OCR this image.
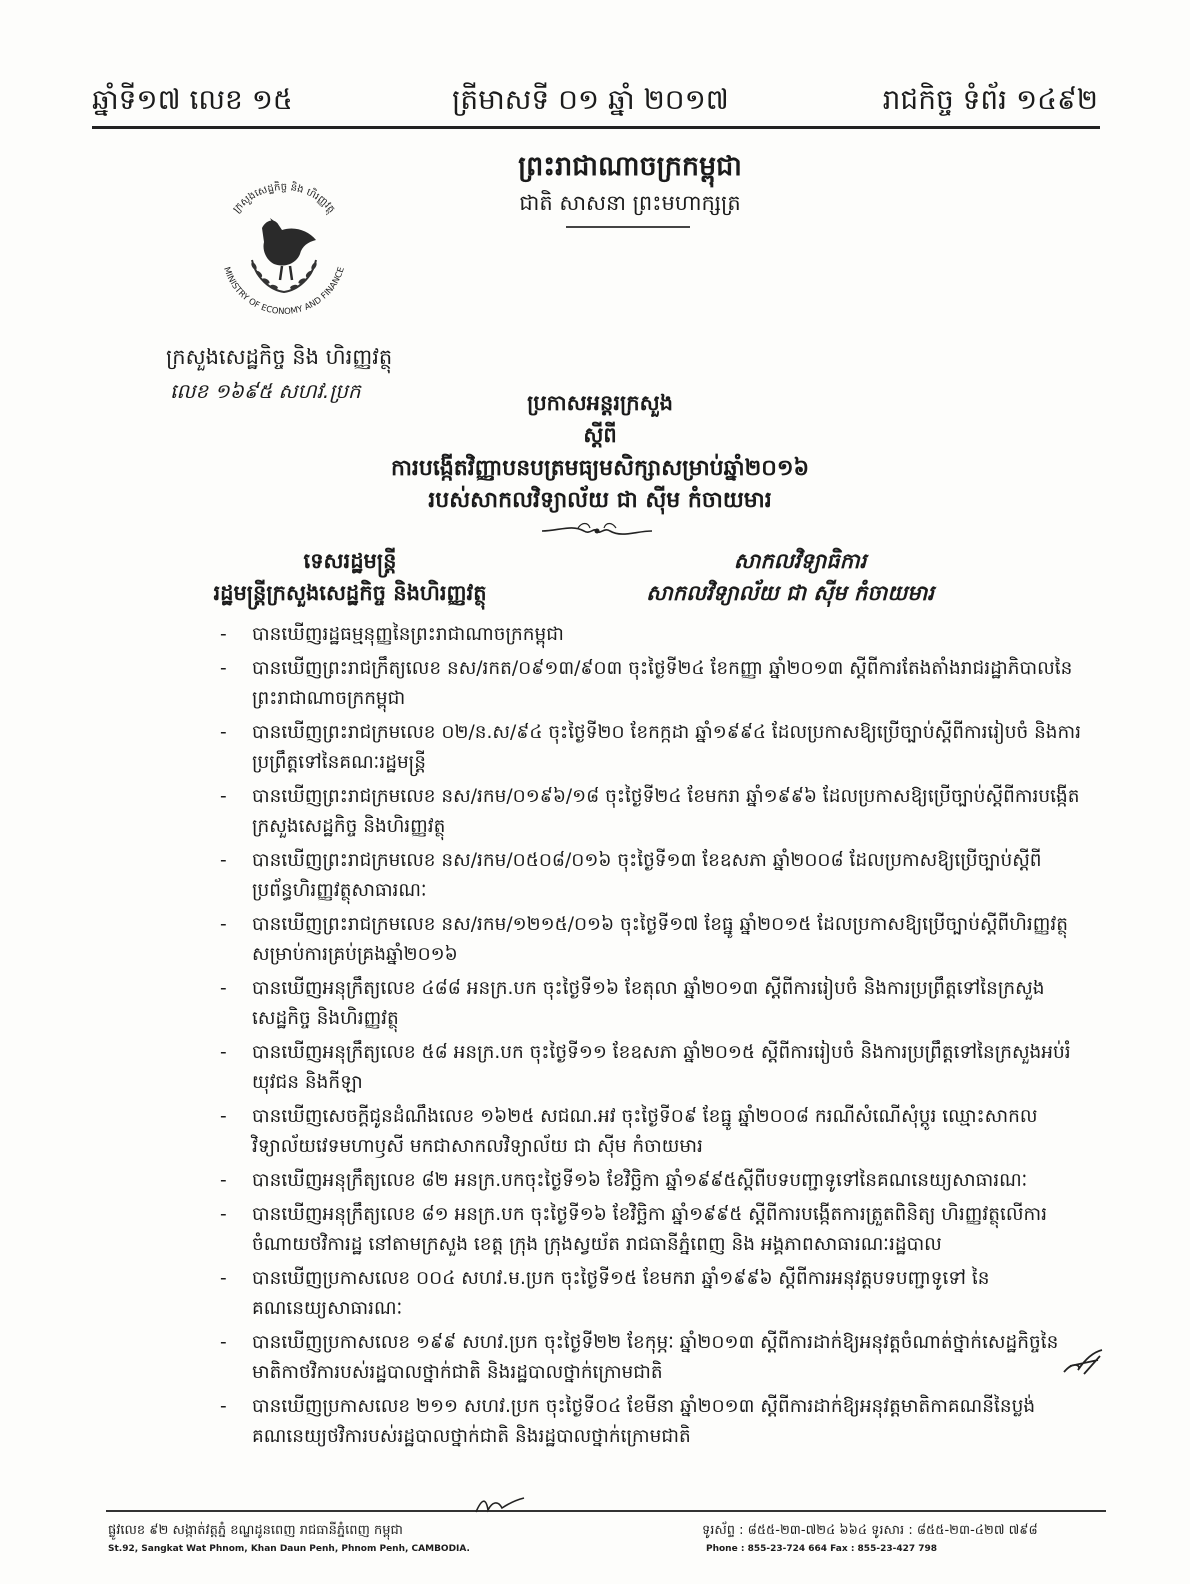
ឆ្នាំទី១៧ លេខ ១៥	ត្រីមាសទី ០១ ឆ្នាំ ២០១៧	រាជកិច្ច ទំព័រ ១៤៩២
ព្រះរាជាណាចក្រកម្ពុជា
ជាតិ សាសនា ព្រះមហាក្សត្រ
ក្រសួងសេដ្ឋកិច្ច និង ហិរញ្ញវត្ថុ
MINISTRY OF ECONOMY AND FINANCE
ក្រសួងសេដ្ឋកិច្ច និង ហិរញ្ញវត្ថុ
លេខ ១៦៩៥ សហវ.ប្រក	ប្រកាសអន្តរក្រសួង
ស្តីពី
ការបង្កើតវិញ្ញាបនបត្រមធ្យមសិក្សាសម្រាប់ឆ្នាំ២០១៦
របស់សាកលវិទ្យាល័យ ជា ស៊ីម កំចាយមារ
ទេសរដ្ឋមន្ត្រី
រដ្ឋមន្ត្រីក្រសួងសេដ្ឋកិច្ច និងហិរញ្ញវត្ថុ
សាកលវិទ្យាធិការ
សាកលវិទ្យាល័យ ជា ស៊ីម កំចាយមារ
- បានឃើញរដ្ឋធម្មនុញ្ញនៃព្រះរាជាណាចក្រកម្ពុជា
- បានឃើញព្រះរាជក្រឹត្យលេខ នស/រកត/០៩១៣/៩០៣ ចុះថ្ងៃទី២៤ ខែកញ្ញា ឆ្នាំ២០១៣ ស្តីពីការតែងតាំងរាជរដ្ឋាភិបាលនៃព្រះរាជាណាចក្រកម្ពុជា
- បានឃើញព្រះរាជក្រមលេខ ០២/ន.ស/៩៤ ចុះថ្ងៃទី២០ ខែកក្កដា ឆ្នាំ១៩៩៤ ដែលប្រកាសឱ្យប្រើច្បាប់ស្តីពីការរៀបចំ និងការប្រព្រឹត្តទៅនៃគណៈរដ្ឋមន្ត្រី
- បានឃើញព្រះរាជក្រមលេខ នស/រកម/០១៩៦/១៨ ចុះថ្ងៃទី២៤ ខែមករា ឆ្នាំ១៩៩៦ ដែលប្រកាសឱ្យប្រើច្បាប់ស្តីពីការបង្កើតក្រសួងសេដ្ឋកិច្ច និងហិរញ្ញវត្ថុ
- បានឃើញព្រះរាជក្រមលេខ នស/រកម/០៥០៨/០១៦ ចុះថ្ងៃទី១៣ ខែឧសភា ឆ្នាំ២០០៨ ដែលប្រកាសឱ្យប្រើច្បាប់ស្តីពីប្រព័ន្ធហិរញ្ញវត្ថុសាធារណៈ
- បានឃើញព្រះរាជក្រមលេខ នស/រកម/១២១៥/០១៦ ចុះថ្ងៃទី១៧ ខែធ្នូ ឆ្នាំ២០១៥ ដែលប្រកាសឱ្យប្រើច្បាប់ស្តីពីហិរញ្ញវត្ថុសម្រាប់ការគ្រប់គ្រងឆ្នាំ២០១៦
- បានឃើញអនុក្រឹត្យលេខ ៤៨៨ អនក្រ.បក ចុះថ្ងៃទី១៦ ខែតុលា ឆ្នាំ២០១៣ ស្តីពីការរៀបចំ និងការប្រព្រឹត្តទៅនៃក្រសួងសេដ្ឋកិច្ច និងហិរញ្ញវត្ថុ
- បានឃើញអនុក្រឹត្យលេខ ៥៨ អនក្រ.បក ចុះថ្ងៃទី១១ ខែឧសភា ឆ្នាំ២០១៥ ស្តីពីការរៀបចំ និងការប្រព្រឹត្តទៅនៃក្រសួងអប់រំ យុវជន និងកីឡា
- បានឃើញសេចក្តីជូនដំណឹងលេខ ១៦២៥ សជណ.អវ ចុះថ្ងៃទី០៩ ខែធ្នូ ឆ្នាំ២០០៨ ករណីសំណើសុំប្តូរ ឈ្មោះសាកលវិទ្យាល័យវេទមហាឫសី មកជាសាកលវិទ្យាល័យ ជា ស៊ីម កំចាយមារ
- បានឃើញអនុក្រឹត្យលេខ ៨២ អនក្រ.បកចុះថ្ងៃទី១៦ ខែវិច្ឆិកា ឆ្នាំ១៩៩៥ស្តីពីបទបញ្ជាទូទៅនៃគណនេយ្យសាធារណៈ
- បានឃើញអនុក្រឹត្យលេខ ៨១ អនក្រ.បក ចុះថ្ងៃទី១៦ ខែវិច្ឆិកា ឆ្នាំ១៩៩៥ ស្តីពីការបង្កើតការត្រួតពិនិត្យ ហិរញ្ញវត្ថុលើការចំណាយថវិការដ្ឋ នៅតាមក្រសួង ខេត្ត ក្រុង ក្រុងស្វយ័ត រាជធានីភ្នំពេញ និង អង្គភាពសាធារណៈរដ្ឋបាល
- បានឃើញប្រកាសលេខ ០០៤ សហវ.ម.ប្រក ចុះថ្ងៃទី១៥ ខែមករា ឆ្នាំ១៩៩៦ ស្តីពីការអនុវត្តបទបញ្ជាទូទៅ នៃគណនេយ្យសាធារណៈ
- បានឃើញប្រកាសលេខ ១៩៩ សហវ.ប្រក ចុះថ្ងៃទី២២ ខែកុម្ភៈ ឆ្នាំ២០១៣ ស្តីពីការដាក់ឱ្យអនុវត្តចំណាត់ថ្នាក់សេដ្ឋកិច្ចនៃមាតិកាថវិការបស់រដ្ឋបាលថ្នាក់ជាតិ និងរដ្ឋបាលថ្នាក់ក្រោមជាតិ
- បានឃើញប្រកាសលេខ ២១១ សហវ.ប្រក ចុះថ្ងៃទី០៤ ខែមីនា ឆ្នាំ២០១៣ ស្តីពីការដាក់ឱ្យអនុវត្តមាតិកាគណនីនៃប្លង់គណនេយ្យថវិការបស់រដ្ឋបាលថ្នាក់ជាតិ និងរដ្ឋបាលថ្នាក់ក្រោមជាតិ
ផ្លូវលេខ ៩២ សង្កាត់វត្តភ្នំ ខណ្ឌដូនពេញ រាជធានីភ្នំពេញ កម្ពុជា
St.92, Sangkat Wat Phnom, Khan Daun Penh, Phnom Penh, CAMBODIA.
ទូរស័ព្ទ : ៨៥៥-២៣-៧២៤ ៦៦៤ ទូរសារ : ៨៥៥-២៣-៤២៧ ៧៩៨
Phone : 855-23-724 664 Fax : 855-23-427 798
